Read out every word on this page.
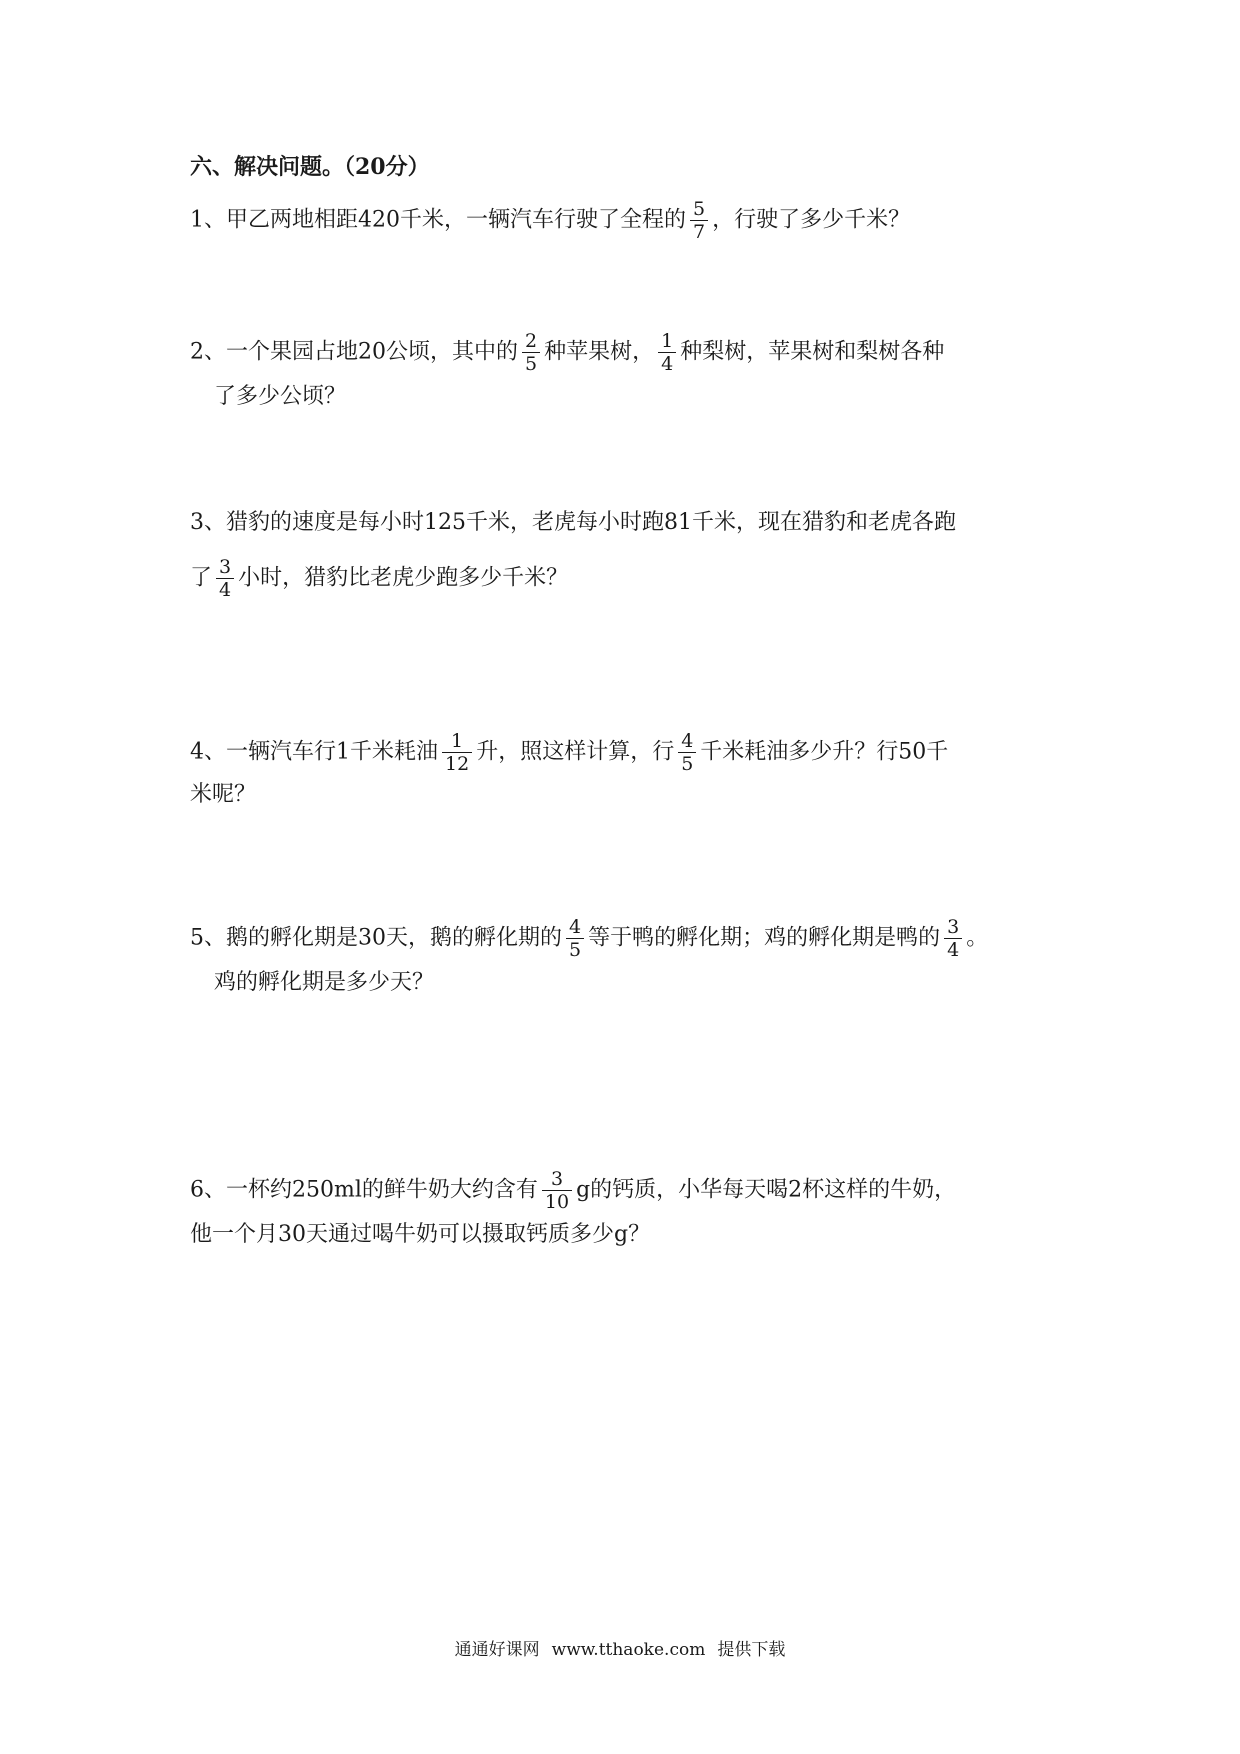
六、解决问题。（20分）
1、甲乙两地相距420千米，一辆汽车行驶了全程的 $\frac{5}{7}$ ，行驶了多少千米？
2、一个果园占地20公顷，其中的 $\frac{2}{5}$ 种苹果树， $\frac{1}{4}$ 种梨树，苹果树和梨树各种
了多少公顷？
3、猎豹的速度是每小时125千米，老虎每小时跑81千米，现在猎豹和老虎各跑
了 $\frac{3}{4}$ 小时，猎豹比老虎少跑多少千米？
4、一辆汽车行1千米耗油 $\frac{1}{12}$ 升，照这样计算，行 $\frac{4}{5}$ 千米耗油多少升？行50千
米呢？
5、鹅的孵化期是30天，鹅的孵化期的 $\frac{4}{5}$ 等于鸭的孵化期；鸡的孵化期是鸭的 $\frac{3}{4}$ 。
鸡的孵化期是多少天？
6、一杯约250ml的鲜牛奶大约含有 $\frac{3}{10}$ g的钙质，小华每天喝2杯这样的牛奶，
他一个月30天通过喝牛奶可以摄取钙质多少g？
通通好课网 www.tthaoke.com 提供下载
